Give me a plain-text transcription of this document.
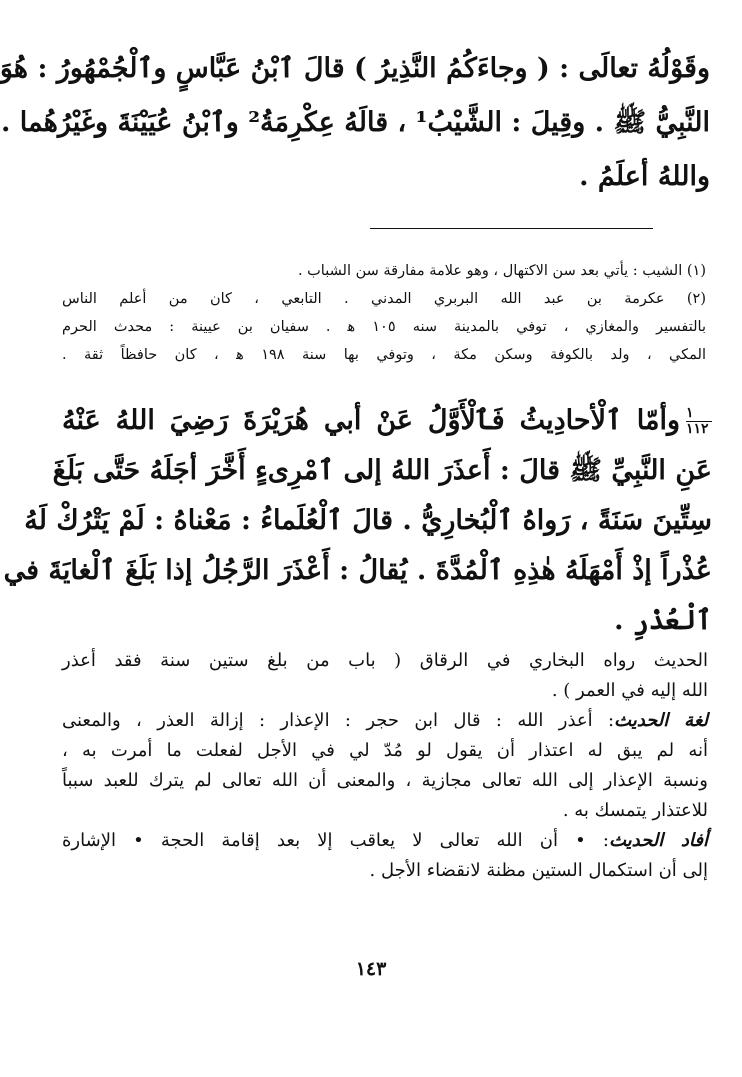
وقَوْلُهُ تعالَى : ( وجاءَكُمُ النَّذِيرُ ) قالَ ٱبْنُ عَبَّاسٍ وٱلْجُمْهُورُ : هُوَ
النَّبِيُّ ﷺ . وقِيلَ : الشَّيْبُ¹ ، قالَهُ عِكْرِمَةُ² وٱبْنُ عُيَيْنَةَ وغَيْرُهُما .
واللهُ أعلَمُ .
(١) الشيب : يأتي بعد سن الاكتهال ، وهو علامة مفارقة سن الشباب .
(٢) عكرمة بن عبد الله البربري المدني . التابعي ، كان من أعلم الناس
بالتفسير والمغازي ، توفي بالمدينة سنه ١٠٥ ﻫ . سفيان بن عيينة : محدث الحرم
المكي ، ولد بالكوفة وسكن مكة ، وتوفي بها سنة ١٩٨ ﻫ ، كان حافظاً ثقة .
١
١١٢
وأمّا ٱلْأحادِيثُ فَٱلْأَوَّلُ عَنْ أبي هُرَيْرَةَ رَضِيَ اللهُ عَنْهُ
عَنِ النَّبِيِّ ﷺ قالَ : أَعذَرَ اللهُ إلى ٱمْرِىءٍ أَخَّرَ أجَلَهُ حَتَّى بَلَغَ
سِتِّينَ سَنَةً ، رَواهُ ٱلْبُخارِيُّ . قالَ ٱلْعُلَماءُ : مَعْناهُ : لَمْ يَتْرُكْ لَهُ
عُذْراً إذْ أَمْهَلَهُ هٰذِهِ ٱلْمُدَّةَ . يُقالُ : أَعْذَرَ الرَّجُلُ إذا بَلَغَ ٱلْغايَةَ في
ٱلْعُذْرِ .
الحديث رواه البخاري في الرقاق ( باب من بلغ ستين سنة فقد أعذر
الله إليه في العمر ) .
لغة الحديث: أعذر الله : قال ابن حجر : الإعذار : إزالة العذر ، والمعنى
أنه لم يبق له اعتذار أن يقول لو مُدّ لي في الأجل لفعلت ما أمرت به ،
ونسبة الإعذار إلى الله تعالى مجازية ، والمعنى أن الله تعالى لم يترك للعبد سبباً
للاعتذار يتمسك به .
أفاد الحديث: • أن الله تعالى لا يعاقب إلا بعد إقامة الحجة • الإشارة
إلى أن استكمال الستين مظنة لانقضاء الأجل .
١٤٣
